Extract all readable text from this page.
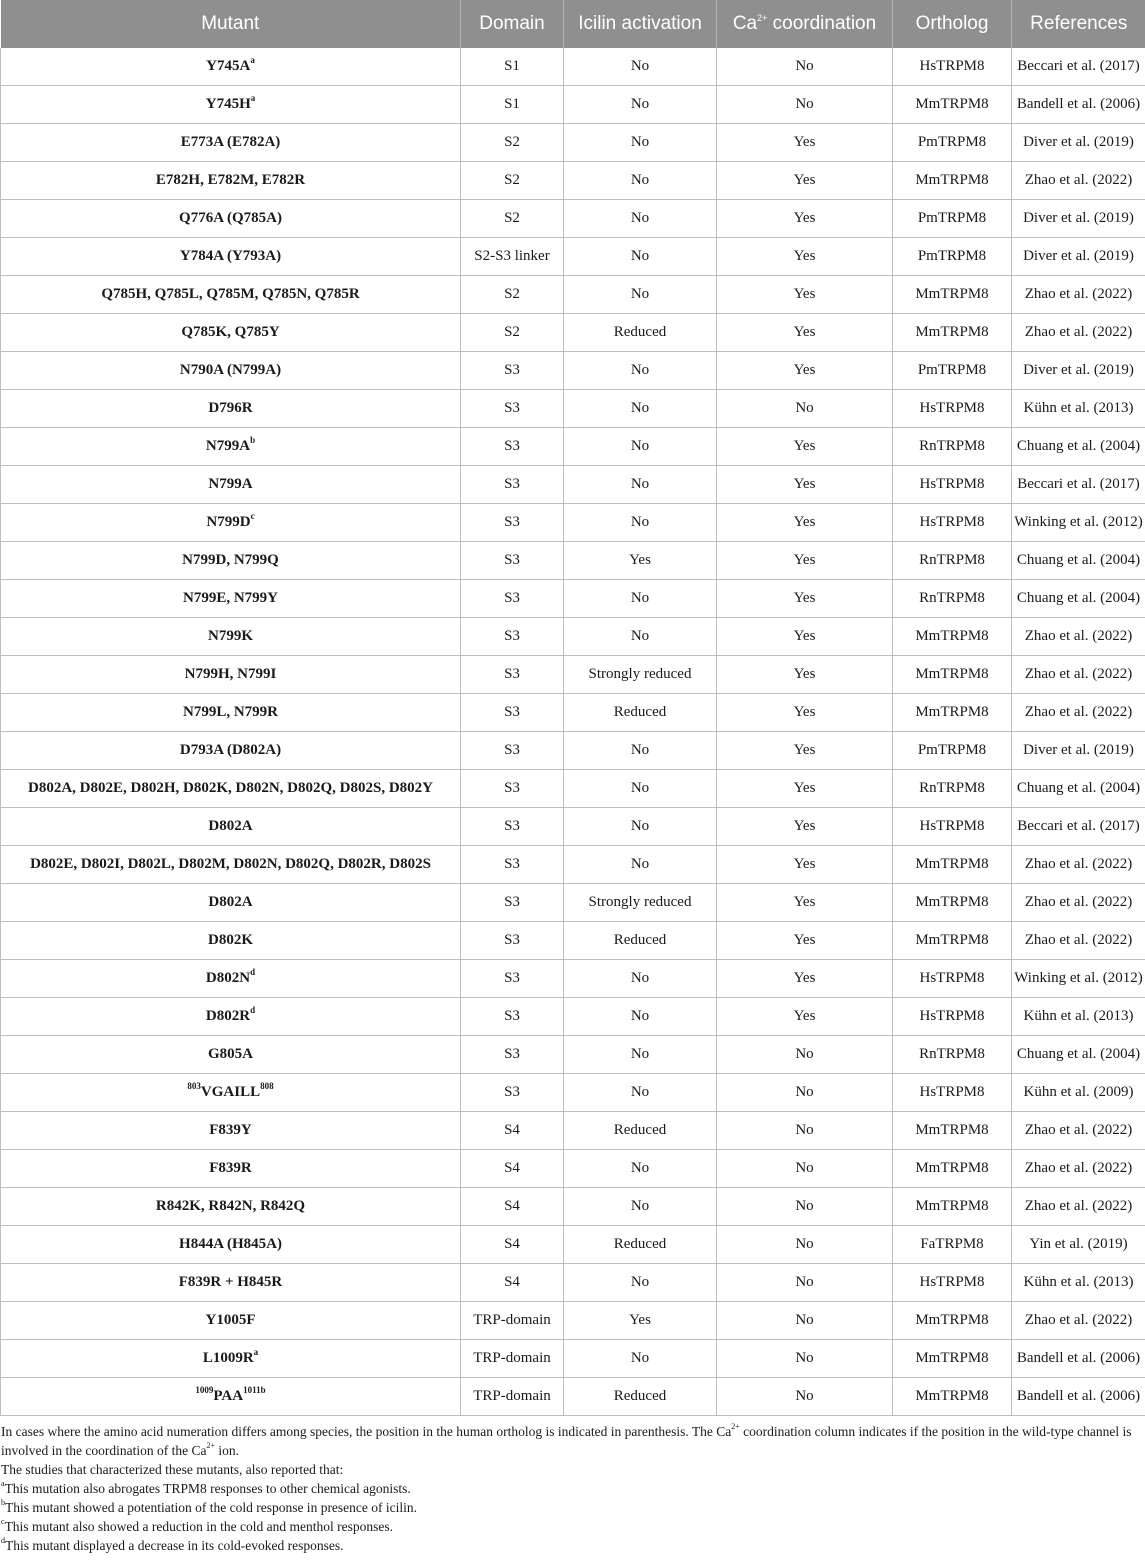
Mutant	Domain	Icilin activation	$Ca^{2+}$ coordination	Ortholog	References
$Y745A^a$	S1	No	No	HsTRPM8	Beccari et al. (2017)
$Y745H^a$	S1	No	No	MmTRPM8	Bandell et al. (2006)
E773A (E782A)	S2	No	Yes	PmTRPM8	Diver et al. (2019)
E782H, E782M, E782R	S2	No	Yes	MmTRPM8	Zhao et al. (2022)
Q776A (Q785A)	S2	No	Yes	PmTRPM8	Diver et al. (2019)
Y784A (Y793A)	S2-S3 linker	No	Yes	PmTRPM8	Diver et al. (2019)
Q785H, Q785L, Q785M, Q785N, Q785R	S2	No	Yes	MmTRPM8	Zhao et al. (2022)
Q785K, Q785Y	S2	Reduced	Yes	MmTRPM8	Zhao et al. (2022)
N790A (N799A)	S3	No	Yes	PmTRPM8	Diver et al. (2019)
D796R	S3	No	No	HsTRPM8	Kühn et al. (2013)
$N799A^b$	S3	No	Yes	RnTRPM8	Chuang et al. (2004)
N799A	S3	No	Yes	HsTRPM8	Beccari et al. (2017)
$N799D^c$	S3	No	Yes	HsTRPM8	Winking et al. (2012)
N799D, N799Q	S3	Yes	Yes	RnTRPM8	Chuang et al. (2004)
N799E, N799Y	S3	No	Yes	RnTRPM8	Chuang et al. (2004)
N799K	S3	No	Yes	MmTRPM8	Zhao et al. (2022)
N799H, N799I	S3	Strongly reduced	Yes	MmTRPM8	Zhao et al. (2022)
N799L, N799R	S3	Reduced	Yes	MmTRPM8	Zhao et al. (2022)
D793A (D802A)	S3	No	Yes	PmTRPM8	Diver et al. (2019)
D802A, D802E, D802H, D802K, D802N, D802Q, D802S, D802Y	S3	No	Yes	RnTRPM8	Chuang et al. (2004)
D802A	S3	No	Yes	HsTRPM8	Beccari et al. (2017)
D802E, D802I, D802L, D802M, D802N, D802Q, D802R, D802S	S3	No	Yes	MmTRPM8	Zhao et al. (2022)
D802A	S3	Strongly reduced	Yes	MmTRPM8	Zhao et al. (2022)
D802K	S3	Reduced	Yes	MmTRPM8	Zhao et al. (2022)
$D802N^d$	S3	No	Yes	HsTRPM8	Winking et al. (2012)
$D802R^d$	S3	No	Yes	HsTRPM8	Kühn et al. (2013)
G805A	S3	No	No	RnTRPM8	Chuang et al. (2004)
$^{803}$VGAILL$^{808}$	S3	No	No	HsTRPM8	Kühn et al. (2009)
F839Y	S4	Reduced	No	MmTRPM8	Zhao et al. (2022)
F839R	S4	No	No	MmTRPM8	Zhao et al. (2022)
R842K, R842N, R842Q	S4	No	No	MmTRPM8	Zhao et al. (2022)
H844A (H845A)	S4	Reduced	No	FaTRPM8	Yin et al. (2019)
F839R + H845R	S4	No	No	HsTRPM8	Kühn et al. (2013)
Y1005F	TRP-domain	Yes	No	MmTRPM8	Zhao et al. (2022)
$L1009R^a$	TRP-domain	No	No	MmTRPM8	Bandell et al. (2006)
$^{1009}PAA^{1011b}$	TRP-domain	Reduced	No	MmTRPM8	Bandell et al. (2006)

In cases where the amino acid numeration differs among species, the position in the human ortholog is indicated in parenthesis. The $Ca^{2+}$ coordination column indicates if the position in the wild-type channel is involved in the coordination of the $Ca^{2+}$ ion.

The studies that characterized these mutants, also reported that:

$^a$This mutation also abrogates TRPM8 responses to other chemical agonists.

$^b$This mutant showed a potentiation of the cold response in presence of icilin.

$^c$This mutant also showed a reduction in the cold and menthol responses.

$^d$This mutant displayed a decrease in its cold-evoked responses.
